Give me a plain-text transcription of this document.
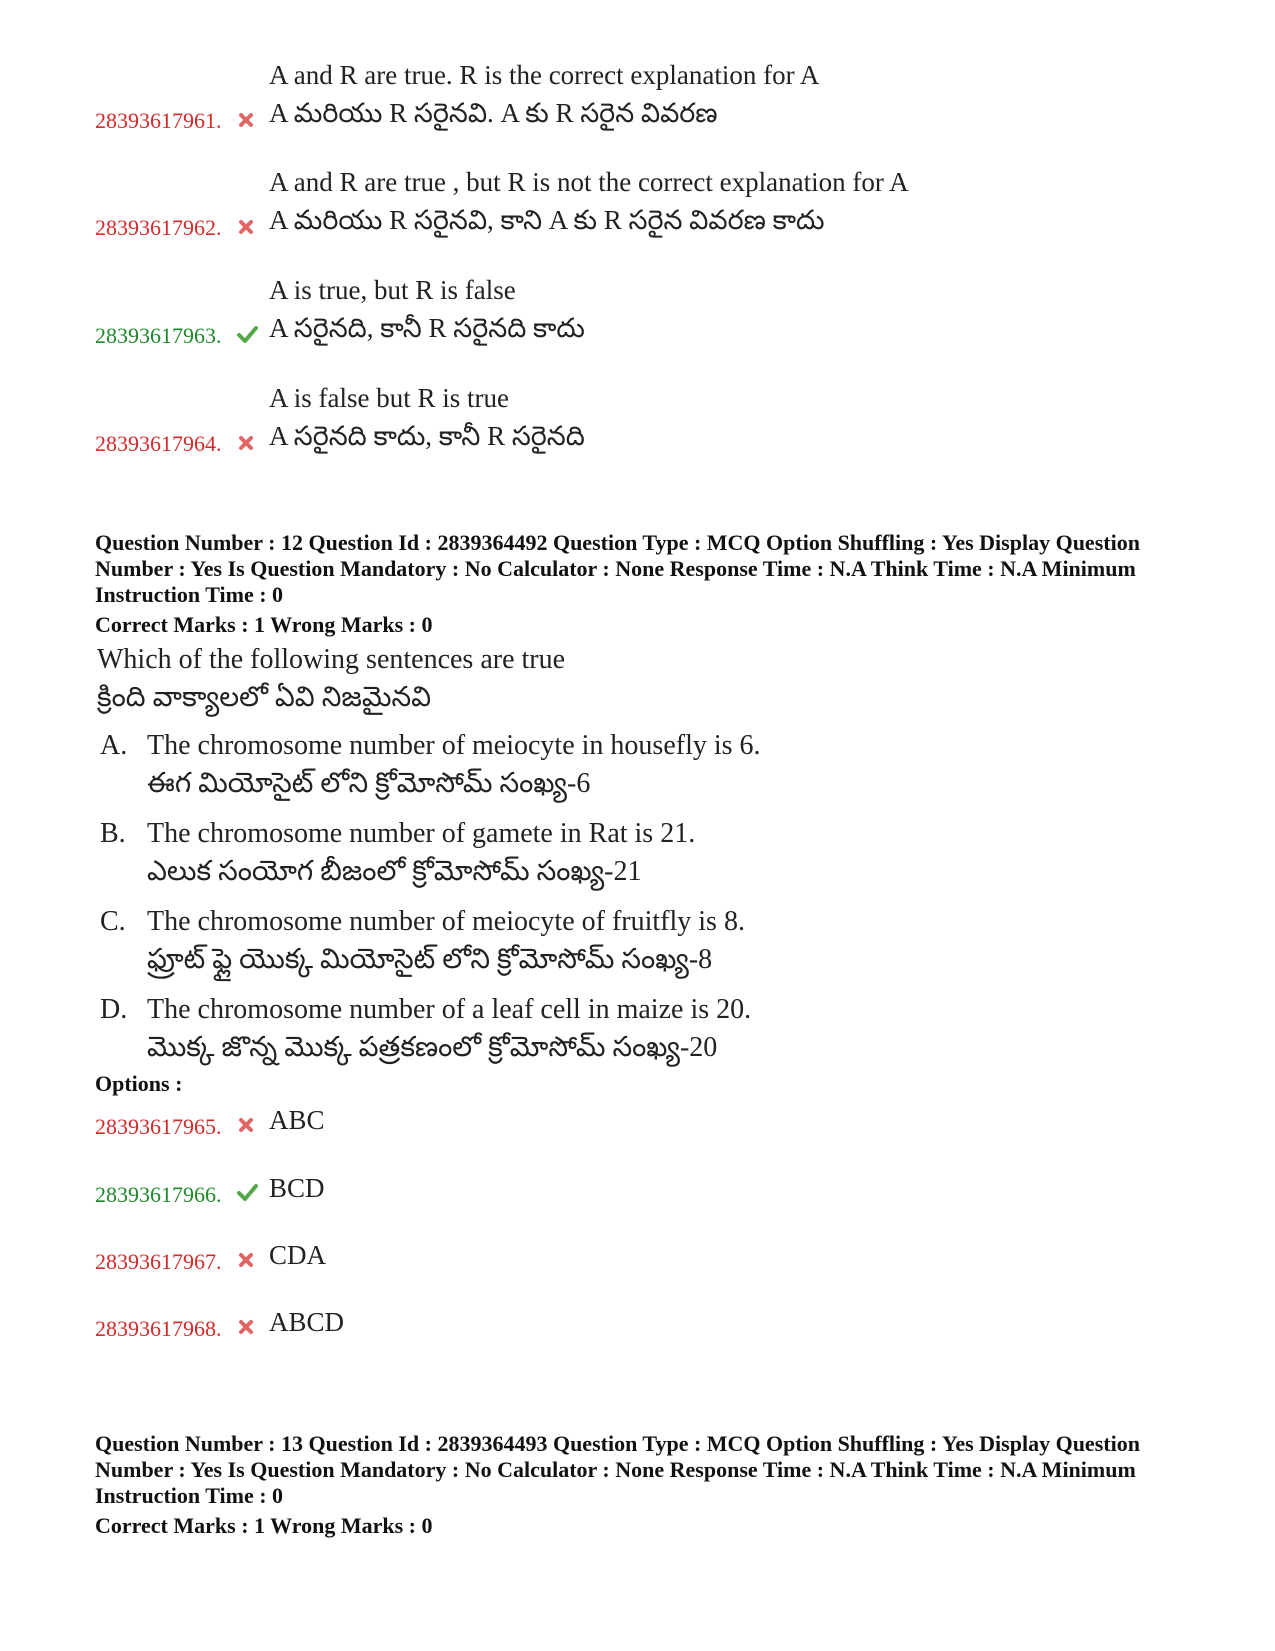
A and R are true. R is the correct explanation for A
A మరియు R సరైనవి. A కు R సరైన వివరణ
28393617961.
A and R are true , but R is not the correct explanation for A
A మరియు R సరైనవి, కాని A కు R సరైన వివరణ కాదు
28393617962.
A is true, but R is false
A సరైనది, కానీ R సరైనది కాదు
28393617963.
A is false but R is true
A సరైనది కాదు, కానీ R సరైనది
28393617964.
Question Number : 12 Question Id : 2839364492 Question Type : MCQ Option Shuffling : Yes Display Question Number : Yes Is Question Mandatory : No Calculator : None Response Time : N.A Think Time : N.A Minimum Instruction Time : 0
Correct Marks : 1 Wrong Marks : 0
Which of the following sentences are true
క్రింది వాక్యాలలో ఏవి నిజమైనవి
A. The chromosome number of meiocyte in housefly is 6.
ఈగ మియోసైట్ లోని క్రోమోసోమ్ సంఖ్య-6
B. The chromosome number of gamete in Rat is 21.
ఎలుక సంయోగ బీజంలో క్రోమోసోమ్ సంఖ్య-21
C. The chromosome number of meiocyte of fruitfly is 8.
ఫ్రూట్ ఫ్లై యొక్క మియోసైట్ లోని క్రోమోసోమ్ సంఖ్య-8
D. The chromosome number of a leaf cell in maize is 20.
మొక్క జొన్న మొక్క పత్రకణంలో క్రోమోసోమ్ సంఖ్య-20
Options :
28393617965. ABC
28393617966. BCD
28393617967. CDA
28393617968. ABCD
Question Number : 13 Question Id : 2839364493 Question Type : MCQ Option Shuffling : Yes Display Question Number : Yes Is Question Mandatory : No Calculator : None Response Time : N.A Think Time : N.A Minimum Instruction Time : 0
Correct Marks : 1 Wrong Marks : 0
